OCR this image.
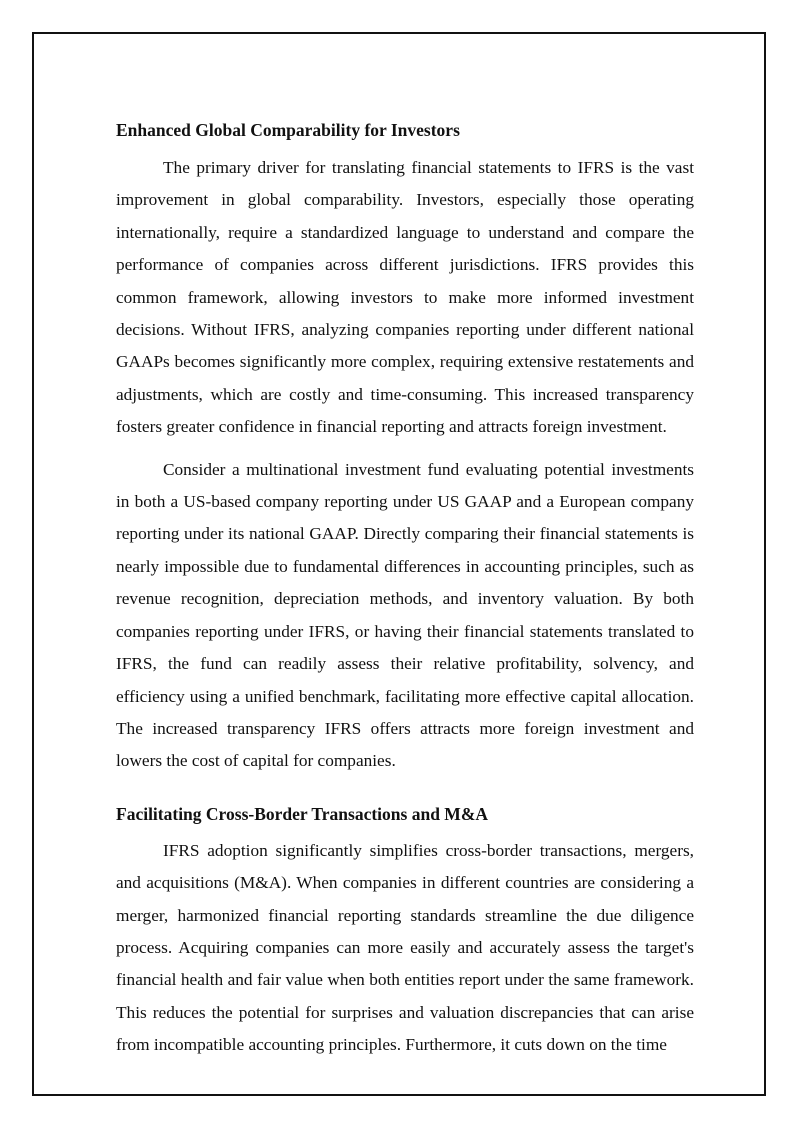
Enhanced Global Comparability for Investors

The primary driver for translating financial statements to IFRS is the vast improvement in global comparability. Investors, especially those operating internationally, require a standardized language to understand and compare the performance of companies across different jurisdictions. IFRS provides this common framework, allowing investors to make more informed investment decisions. Without IFRS, analyzing companies reporting under different national GAAPs becomes significantly more complex, requiring extensive restatements and adjustments, which are costly and time-consuming. This increased transparency fosters greater confidence in financial reporting and attracts foreign investment.

Consider a multinational investment fund evaluating potential investments in both a US-based company reporting under US GAAP and a European company reporting under its national GAAP. Directly comparing their financial statements is nearly impossible due to fundamental differences in accounting principles, such as revenue recognition, depreciation methods, and inventory valuation. By both companies reporting under IFRS, or having their financial statements translated to IFRS, the fund can readily assess their relative profitability, solvency, and efficiency using a unified benchmark, facilitating more effective capital allocation. The increased transparency IFRS offers attracts more foreign investment and lowers the cost of capital for companies.

Facilitating Cross-Border Transactions and M&A

IFRS adoption significantly simplifies cross-border transactions, mergers, and acquisitions (M&A). When companies in different countries are considering a merger, harmonized financial reporting standards streamline the due diligence process. Acquiring companies can more easily and accurately assess the target's financial health and fair value when both entities report under the same framework. This reduces the potential for surprises and valuation discrepancies that can arise from incompatible accounting principles. Furthermore, it cuts down on the time
